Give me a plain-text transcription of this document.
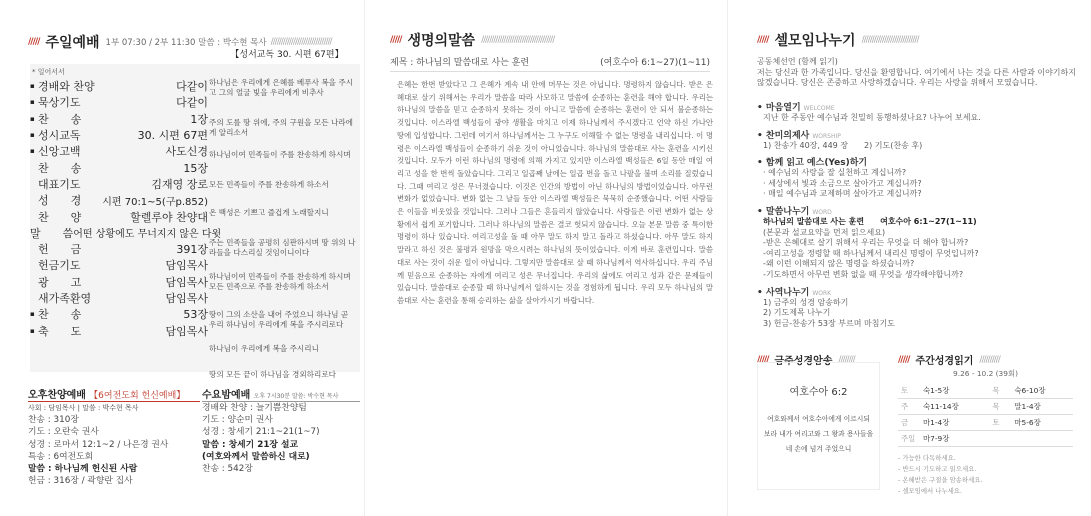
///// 주일예배 1부 07:30 / 2부 11:30 말씀 : 박수현 목사 //////////////////////////////
【성서교독 30. 시편 67편】
* 일어서서
▪ 경배와 찬양	다같이
▪ 묵상기도	다같이
▪ 찬　　송	1장
▪ 성시교독	30. 시편 67편
▪ 신앙고백	사도신경
찬　　송	15장
대표기도	김재영 장로
성　　경	시편 70:1~5(구p.852)
찬　　양	할렐루야 찬양대
말　　씀 어떤 상황에도 무너지지 않은 다윗
헌　　금	391장
헌금기도	담임목사
광　　고	담임목사
새가족환영	담임목사
▪ 찬　　송	53장
▪ 축　　도	담임목사
하나님은 우리에게 은혜를 베푸사 복을 주시고 그의 얼굴 빛을 우리에게 비추사
주의 도를 땅 위에, 주의 구원을 모든 나라에게 알리소서
하나님이여 민족들이 주를 찬송하게 하시며
모든 민족들이 주를 찬송하게 하소서
온 백성은 기쁘고 즐겁게 노래할지니
주는 민족들을 공평히 심판하시며 땅 위의 나라들을 다스리실 것임이니이다
하나님이여 민족들이 주를 찬송하게 하시며 모든 민족으로 주를 찬송하게 하소서
땅이 그의 소산을 내어 주었으니 하나님 곧 우리 하나님이 우리에게 복을 주시리로다
하나님이 우리에게 복을 주시리니
땅의 모든 끝이 하나님을 경외하리로다
오후찬양예배 【6여전도회 헌신예배】
사회 : 담임목사 | 말씀 : 박수현 목사
찬송 : 310장
기도 : 오란숙 권사
성경 : 로마서 12:1~2 / 나은경 권사
특송 : 6여전도회
말씀 : 하나님께 헌신된 사람
헌금 : 316장 / 곽향란 집사
수요밤예배 오후 7시30분 말씀: 박수현 목사
경배와 찬양 : 늘기쁨찬양팀
기도 : 양순미 권사
성경 : 창세기 21:1~21(1~7)
말씀 : 창세기 21장 설교
(여호와께서 말씀하신 대로)
찬송 : 542장
///// 생명의말씀 ////////////////////////////////////
제목 : 하나님의 말씀대로 사는 훈련	(여호수아 6:1~27)(1~11)
은혜는 한번 받았다고 그 은혜가 계속 내 안에 머무는 것은 아닙니다. 명령하지 않습니다. 받은 은혜대로 살기 위해서는 우리가 말씀을 따라 사모하고 말씀에 순종하는 훈련을 해야 합니다. 우리는 하나님의 말씀을 믿고 순종하지 못하는 것이 아니고 말씀에 순종하는 훈련이 안 되서 불순종하는 것입니다. 이스라엘 백성들이 광야 생활을 마치고 이제 하나님께서 주시겠다고 언약 하신 가나안 땅에 입성합니다. 그런데 여기서 하나님께서는 그 누구도 이해할 수 없는 명령을 내리십니다. 이 명령은 이스라엘 백성들이 순종하기 쉬운 것이 아니었습니다. 하나님의 말씀대로 사는 훈련을 시키신 것입니다. 모두가 이런 하나님의 명령에 의해 가지고 있지만 이스라엘 백성들은 6일 동안 매일 여리고 성을 한 번씩 돌았습니다. 그리고 일곱째 날에는 일곱 번을 돌고 나팔을 불며 소리를 질렀습니다. 그때 여리고 성은 무너졌습니다. 이것은 인간의 방법이 아닌 하나님의 방법이었습니다. 아무런 변화가 없었습니다. 변화 없는 그 날들 동안 이스라엘 백성들은 묵묵히 순종했습니다. 어떤 사람들은 이들을 비웃었을 것입니다. 그러나 그들은 흔들리지 않았습니다. 사람들은 이런 변화가 없는 상황에서 쉽게 포기합니다. 그러나 하나님의 말씀은 결코 헛되지 않습니다. 오늘 본문 말씀 중 특이한 명령이 하나 있습니다. 여리고성을 돌 때 아무 말도 하지 말고 돌라고 하셨습니다. 아무 말도 하지 말라고 하신 것은 불평과 원망을 막으시려는 하나님의 뜻이었습니다. 이게 바로 훈련입니다. 말씀대로 사는 것이 쉬운 일이 아닙니다. 그렇지만 말씀대로 살 때 하나님께서 역사하십니다. 우리 주님께 믿음으로 순종하는 자에게 여리고 성은 무너집니다. 우리의 삶에도 여리고 성과 같은 문제들이 있습니다. 말씀대로 순종할 때 하나님께서 일하시는 것을 경험하게 됩니다. 우리 모두 하나님의 말씀대로 사는 훈련을 통해 승리하는 삶을 살아가시기 바랍니다.
///// 셀모임나누기 ////////////////////////////
공동체선언 (함께 읽기)
저는 당신과 한 가족입니다. 당신을 환영합니다. 여기에서 나는 것을 다른 사람과 이야기하지 않겠습니다. 당신은 존중하고 사랑하겠습니다. 우리는 사랑을 위해서 모였습니다.
• 마음열기 WELCOME
지난 한 주동안 예수님과 친밀히 동행하셨나요? 나누어 보세요.
• 찬미의제사 WORSHIP
1) 찬송가 40장, 449 장　　2) 기도(찬송 후)
• 함께 읽고 예스(Yes)하기
· 예수님의 사랑을 잘 실천하고 계십니까?
· 세상에서 빛과 소금으로 살아가고 계십니까?
· 매일 예수님과 교제하며 살아가고 계십니까?
• 말씀나누기 WORD
하나님의 말씀대로 사는 훈련　　여호수아 6:1~27(1~11)
(본문과 설교요약을 먼저 읽으세요)
-받은 은혜대로 살기 위해서 우리는 무엇을 더 해야 합니까?
-여리고성을 정령할 때 하나님께서 내리신 명령이 무엇입니까?
-왜 이런 이해되지 않은 명령을 하셨습니까?
-기도하면서 아무런 변화 없을 때 무엇을 생각해야합니까?
• 사역나누기 WORK
1) 금주의 성경 암송하기
2) 기도제목 나누기
3) 헌금-찬송가 53장 부르며 마침기도
///// 금주성경암송 ////////
여호수아 6:2
여호와께서 여호수아에게 이르시되
보라 내가 여리고와 그 왕과 용사들을
네 손에 넘겨 주었으니
///// 주간성경읽기 //////////
9.26 - 10.2 (39회)
토	숙1-5장	목	숙6-10장
주	숙11-14장	목	말1-4장
금	마1-4장	토	마5-6장
주일	마7-9장		
- 가능한 다독하세요.
- 반드시 기도하고 읽으세요.
- 온혜받은 구절을 암송하세요.
- 셀모임에서 나누세요.
